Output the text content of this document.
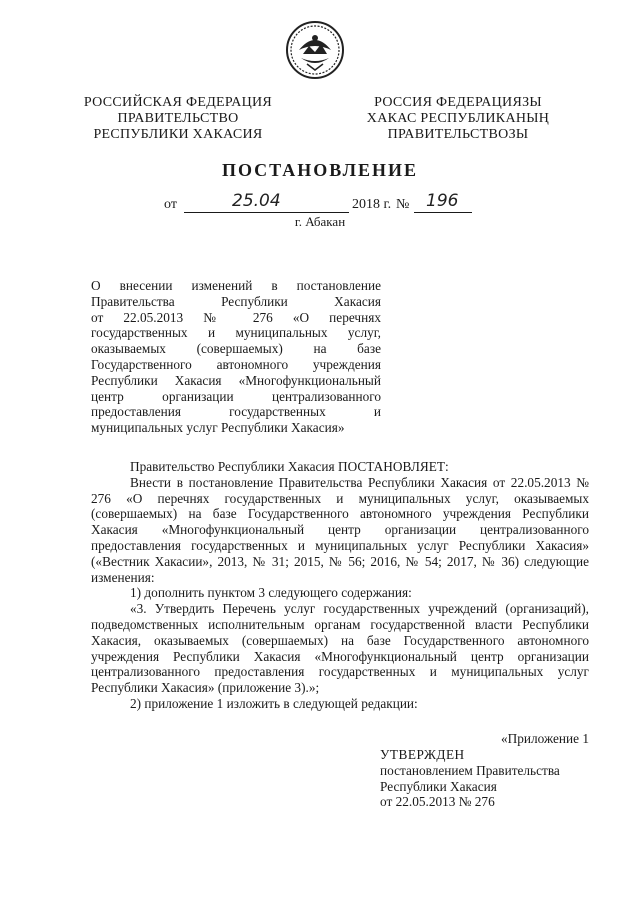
РОССИЙСКАЯ ФЕДЕРАЦИЯ
ПРАВИТЕЛЬСТВО
РЕСПУБЛИКИ ХАКАСИЯ
РОССИЯ ФЕДЕРАЦИЯЗЫ
ХАКАС РЕСПУБЛИКАНЫҢ
ПРАВИТЕЛЬСТВОЗЫ
ПОСТАНОВЛЕНИЕ
от	25.04	2018 г. № 196
г. Абакан
О внесении изменений в постановление
Правительства Республики Хакасия
от 22.05.2013 № 276 «О перечнях
государственных и муниципальных услуг,
оказываемых (совершаемых) на базе
Государственного автономного учреждения
Республики Хакасия «Многофункциональный
центр организации централизованного
предоставления государственных и
муниципальных услуг Республики Хакасия»

Правительство Республики Хакасия ПОСТАНОВЛЯЕТ:

Внести в постановление Правительства Республики Хакасия от 22.05.2013 № 276 «О перечнях государственных и муниципальных услуг, оказываемых (совершаемых) на базе Государственного автономного учреждения Республики Хакасия «Многофункциональный центр организации централизованного предоставления государственных и муниципальных услуг Республики Хакасия» («Вестник Хакасии», 2013, № 31; 2015, № 56; 2016, № 54; 2017, № 36) следующие изменения:

1) дополнить пунктом 3 следующего содержания:

«3. Утвердить Перечень услуг государственных учреждений (организаций), подведомственных исполнительным органам государственной власти Республики Хакасия, оказываемых (совершаемых) на базе Государственного автономного учреждения Республики Хакасия «Многофункциональный центр организации централизованного предоставления государственных и муниципальных услуг Республики Хакасия» (приложение 3).»;

2) приложение 1 изложить в следующей редакции:

«Приложение 1
УТВЕРЖДЕН
постановлением Правительства
Республики Хакасия
от 22.05.2013 № 276
